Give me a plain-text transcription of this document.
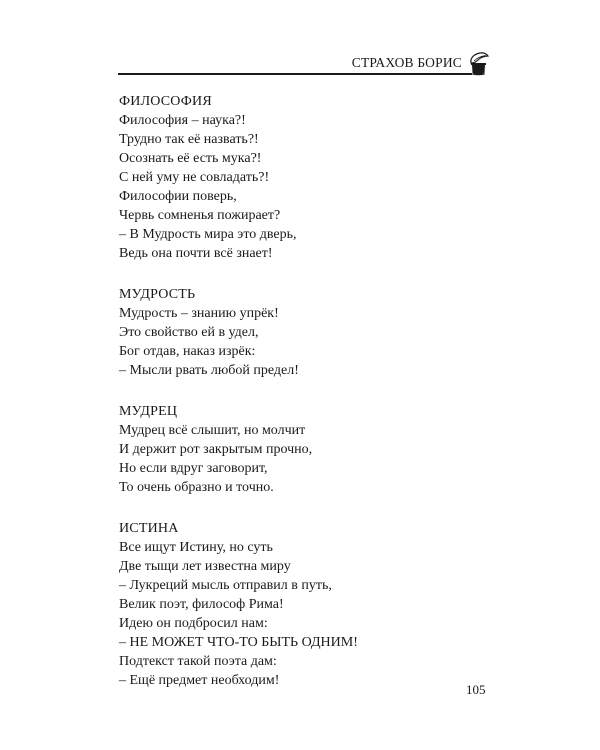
СТРАХОВ БОРИС
ФИЛОСОФИЯ
Философия – наука?!
Трудно так её назвать?!
Осознать её есть мука?!
С ней уму не совладать?!
Философии поверь,
Червь сомненья пожирает?
– В Мудрость мира это дверь,
Ведь она почти всё знает!
МУДРОСТЬ
Мудрость – знанию упрёк!
Это свойство ей в удел,
Бог отдав, наказ изрёк:
– Мысли рвать любой предел!
МУДРЕЦ
Мудрец всё слышит, но молчит
И держит рот закрытым прочно,
Но если вдруг заговорит,
То очень образно и точно.
ИСТИНА
Все ищут Истину, но суть
Две тыщи лет известна миру
– Лукреций мысль отправил в путь,
Велик поэт, философ Рима!
Идею он подбросил нам:
– НЕ МОЖЕТ ЧТО-ТО БЫТЬ ОДНИМ!
Подтекст такой поэта дам:
– Ещё предмет необходим!
105
